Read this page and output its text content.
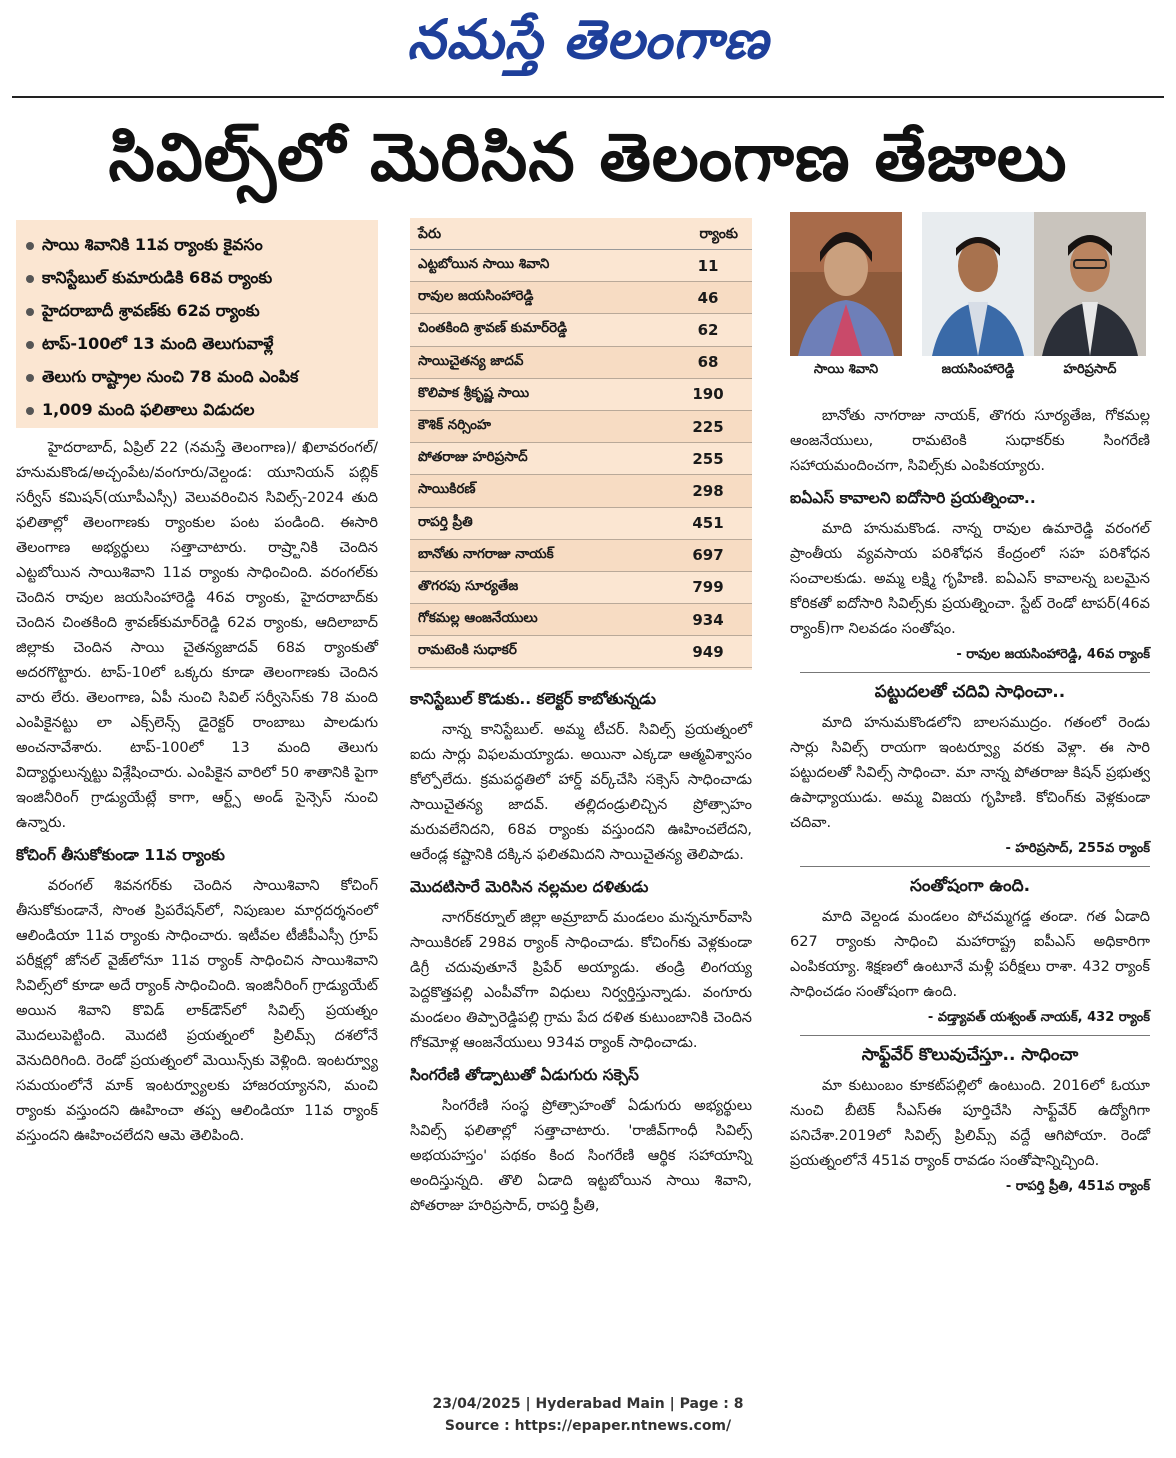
నమస్తే తెలంగాణ
సివిల్స్‌లో మెరిసిన తెలంగాణ తేజాలు
సాయి శివానికి 11వ ర్యాంకు కైవసం
కానిస్టేబుల్ కుమారుడికి 68వ ర్యాంకు
హైదరాబాదీ శ్రావణ్‌కు 62వ ర్యాంకు
టాప్-100లో 13 మంది తెలుగువాళ్లే
తెలుగు రాష్ట్రాల నుంచి 78 మంది ఎంపిక
1,009 మంది ఫలితాలు విడుదల

హైదరాబాద్, ఏప్రిల్ 22 (నమస్తే తెలంగాణ)/ ఖిలావరంగల్/హనుమకొండ/అచ్చంపేట/వంగూరు/వెల్దండ: యూనియన్ పబ్లిక్ సర్వీస్ కమిషన్(యూపీఎస్సీ) వెలువరించిన సివిల్స్-2024 తుది ఫలితాల్లో తెలంగాణకు ర్యాంకుల పంట పండింది. ఈసారి తెలంగాణ అభ్యర్థులు సత్తాచాటారు. రాష్ర్టానికి చెందిన ఎట్టబోయిన సాయిశివాని 11వ ర్యాంకు సాధించింది. వరంగల్‌కు చెందిన రావుల జయసింహారెడ్డి 46వ ర్యాంకు, హైదరాబాద్‌కు చెందిన చింతకింది శ్రావణ్‌కుమార్‌రెడ్డి 62వ ర్యాంకు, ఆదిలాబాద్ జిల్లాకు చెందిన సాయి చైతన్యజాదవ్ 68వ ర్యాంకుతో అదరగొట్టారు. టాప్-10లో ఒక్కరు కూడా తెలంగాణకు చెందిన వారు లేరు. తెలంగాణ, ఏపీ నుంచి సివిల్ సర్వీసెస్‌కు 78 మంది ఎంపికైనట్టు లా ఎక్స్‌లెన్స్ డైరెక్టర్ రాంబాబు పాలడుగు అంచనావేశారు. టాప్-100లో 13 మంది తెలుగు విద్యార్థులున్నట్టు విశ్లేషించారు. ఎంపికైన వారిలో 50 శాతానికి పైగా ఇంజినీరింగ్ గ్రాడ్యుయేట్లే కాగా, ఆర్ట్స్ అండ్ సైన్సెస్ నుంచి ఉన్నారు.

కోచింగ్ తీసుకోకుండా 11వ ర్యాంకు

వరంగల్ శివనగర్‌కు చెందిన సాయిశివాని కోచింగ్ తీసుకోకుండానే, సొంత ప్రిపరేషన్‌లో, నిపుణుల మార్గదర్శనంలో ఆలిండియా 11వ ర్యాంకు సాధించారు. ఇటీవల టీజీపీఎస్సీ గ్రూప్ పరీక్షల్లో జోనల్ వైజ్‌లోనూ 11వ ర్యాంక్ సాధించిన సాయిశివాని సివిల్స్‌లో కూడా అదే ర్యాంక్ సాధించింది. ఇంజినీరింగ్ గ్రాడ్యుయేట్ అయిన శివాని కొవిడ్ లాక్‌డౌన్‌లో సివిల్స్ ప్రయత్నం మొదలుపెట్టింది. మొదటి ప్రయత్నంలో ప్రిలిమ్స్ దశలోనే వెనుదిరిగింది. రెండో ప్రయత్నంలో మెయిన్స్‌కు వెళ్లింది. ఇంటర్వ్యూ సమయంలోనే మాక్ ఇంటర్వ్యూలకు హాజరయ్యానని, మంచి ర్యాంకు వస్తుందని ఊహించా తప్ప ఆలిండియా 11వ ర్యాంక్ వస్తుందని ఊహించలేదని ఆమె తెలిపింది.

పేరు	ర్యాంకు
ఎట్టబోయిన సాయి శివాని	11
రావుల జయసింహారెడ్డి	46
చింతకింది శ్రావణ్ కుమార్‌రెడ్డి	62
సాయిచైతన్య జాదవ్	68
కొలిపాక శ్రీకృష్ణ సాయి	190
కౌశిక్ నర్సింహ	225
పోతరాజు హరిప్రసాద్	255
సాయికిరణ్	298
రాపర్తి ప్రీతి	451
బానోతు నాగరాజు నాయక్	697
తొగరపు సూర్యతేజ	799
గోకమల్ల ఆంజనేయులు	934
రామటెంకి సుధాకర్	949
కానిస్టేబుల్ కొడుకు.. కలెక్టర్ కాబోతున్నడు

నాన్న కానిస్టేబుల్. అమ్మ టీచర్. సివిల్స్ ప్రయత్నంలో ఐదు సార్లు విఫలమయ్యాడు. అయినా ఎక్కడా ఆత్మవిశ్వాసం కోల్పోలేదు. క్రమపద్ధతిలో హార్డ్ వర్క్‌చేసి సక్సెస్ సాధించాడు సాయిచైతన్య జాదవ్. తల్లిదండ్రులిచ్చిన ప్రోత్సాహం మరువలేనిదని, 68వ ర్యాంకు వస్తుందని ఊహించలేదని, ఆరేండ్ల కష్టానికి దక్కిన ఫలితమిదని సాయిచైతన్య తెలిపాడు.

మొదటిసారే మెరిసిన నల్లమల దళితుడు

నాగర్‌కర్నూల్ జిల్లా అమ్రాబాద్ మండలం మన్ననూర్‌వాసి సాయికిరణ్ 298వ ర్యాంక్ సాధించాడు. కోచింగ్‌కు వెళ్లకుండా డిగ్రీ చదువుతూనే ప్రిపేర్ అయ్యాడు. తండ్రి లింగయ్య పెద్దకొత్తపల్లి ఎంపీవోగా విధులు నిర్వర్తిస్తున్నాడు. వంగూరు మండలం తిప్పారెడ్డిపల్లి గ్రామ పేద దళిత కుటుంబానికి చెందిన గోకమోళ్ల ఆంజనేయులు 934వ ర్యాంక్ సాధించాడు.

సింగరేణి తోడ్పాటుతో ఏడుగురు సక్సెస్

సింగరేణి సంస్థ ప్రోత్సాహంతో ఏడుగురు అభ్యర్థులు సివిల్స్ ఫలితాల్లో సత్తాచాటారు. 'రాజీవ్‌గాంధీ సివిల్స్ అభయహస్తం' పథకం కింద సింగరేణి ఆర్థిక సహాయాన్ని అందిస్తున్నది. తొలి ఏడాది ఇట్టబోయిన సాయి శివాని, పోతరాజు హరిప్రసాద్, రాపర్తి ప్రీతి,

సాయి శివాని	జయసింహారెడ్డి	హరిప్రసాద్

బానోతు నాగరాజు నాయక్, తొగరు సూర్యతేజ, గోకమల్ల ఆంజనేయులు, రామటెంకి సుధాకర్‌కు సింగరేణి సహాయమందించగా, సివిల్స్‌కు ఎంపికయ్యారు.

ఐఏఎస్ కావాలని ఐదోసారి ప్రయత్నించా..

మాది హనుమకొండ. నాన్న రావుల ఉమారెడ్డి వరంగల్ ప్రాంతీయ వ్యవసాయ పరిశోధన కేంద్రంలో సహ పరిశోధన సంచాలకుడు. అమ్మ లక్ష్మి గృహిణి. ఐఏఎస్ కావాలన్న బలమైన కోరికతో ఐదోసారి సివిల్స్‌కు ప్రయత్నించా. స్టేట్ రెండో టాపర్(46వ ర్యాంక్)గా నిలవడం సంతోషం.

- రావుల జయసింహారెడ్డి, 46వ ర్యాంక్
పట్టుదలతో చదివి సాధించా..

మాది హనుమకొండలోని బాలసముద్రం. గతంలో రెండు సార్లు సివిల్స్ రాయగా ఇంటర్వ్యూ వరకు వెళ్లా. ఈ సారి పట్టుదలతో సివిల్స్ సాధించా. మా నాన్న పోతరాజు కిషన్ ప్రభుత్వ ఉపాధ్యాయుడు. అమ్మ విజయ గృహిణి. కోచింగ్‌కు వెళ్లకుండా చదివా.

- హరిప్రసాద్, 255వ ర్యాంక్
సంతోషంగా ఉంది.

మాది వెల్దండ మండలం పోచమ్మగడ్డ తండా. గత ఏడాది 627 ర్యాంకు సాధించి మహారాష్ట్ర ఐపీఎస్ అధికారిగా ఎంపికయ్యా. శిక్షణలో ఉంటూనే మళ్లీ పరీక్షలు రాశా. 432 ర్యాంక్ సాధించడం సంతోషంగా ఉంది.

- వడ్త్యావత్ యశ్వంత్ నాయక్, 432 ర్యాంక్
సాఫ్ట్‌వేర్ కొలువుచేస్తూ.. సాధించా

మా కుటుంబం కూకట్‌పల్లిలో ఉంటుంది. 2016లో ఓయూ నుంచి బీటెక్ సీఎస్ఈ పూర్తిచేసి సాఫ్ట్‌వేర్ ఉద్యోగిగా పనిచేశా.2019లో సివిల్స్ ప్రిలిమ్స్ వద్దే ఆగిపోయా. రెండో ప్రయత్నంలోనే 451వ ర్యాంక్ రావడం సంతోషాన్నిచ్చింది.

- రాపర్తి ప్రీతి, 451వ ర్యాంక్
23/04/2025 | Hyderabad Main | Page : 8
Source : https://epaper.ntnews.com/
